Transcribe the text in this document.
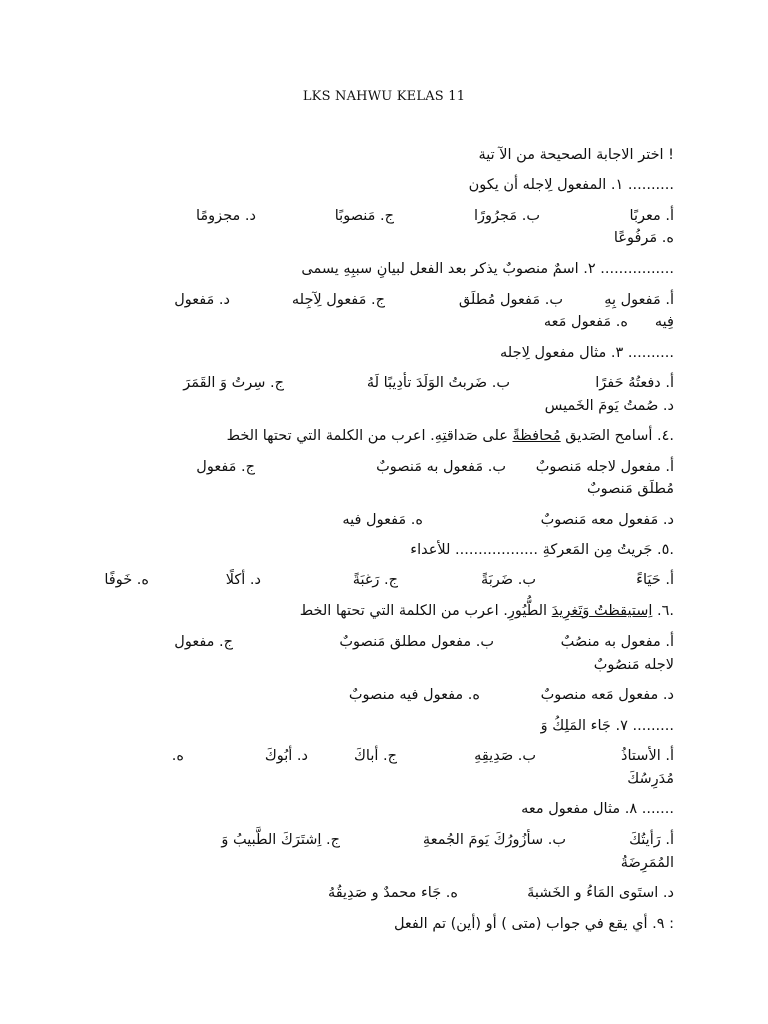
LKS NAHWU KELAS 11
! اختر الاجابة الصحيحة من الآ تية
.......... ۱. المفعول لِاجله أن يكون
أ. معربًا
ب. مَجرُورًا
ج. مَنصوبًا
د. مجزومًا
ه. مَرفُوعًا
................ ۲. اسمٌ منصوبٌ يذكر بعد الفعل لبيانِ سببِهِ يسمى
أ. مَفعول بِهِ
ب. مَفعول مُطلَق
ج. مَفعول لِآجِله
د. مَفعول
فِيه
ه. مَفعول مَعه
.......... ۳. مثال مفعول لِاجله
أ. دفعتُهُ حَفرًا
ب. ضَربتُ الوَلَدَ تأدِيبًا لَهُ
ج. سِرتُ وَ القَمَرَ
د. صُمتُ يَومَ الخَميس
.٤. أسامح الصَديق مُحافظةً على صَداقتِهِ. اعرب من الكلمة التي تحتها الخط
أ. مفعول لاجله مَنصوبٌ
ب. مَفعول به مَنصوبٌ
ج. مَفعول
مُطلَق مَنصوبٌ
د. مَفعول معه مَنصوبٌ
ه. مَفعول فيه
.٥. جَريتُ مِن المَعركةِ .................. للأعداء
أ. حَيَاءً
ب. ضَربَةً
ج. رَغبَةً
د. أكلًا
ه. خَوفًا
.٦. اِستيقظتُ وَتَغرِيدَ الطُّيُورِ. اعرب من الكلمة التي تحتها الخط
أ. مفعول به منصُبٌ
ب. مفعول مطلق مَنصوبٌ
ج. مفعول
لاجله مَنصُوبٌ
د. مفعول مَعه منصوبٌ
ه. مفعول فيه منصوبٌ
......... ۷. جَاء المَلِكُ وَ
أ. الأستاذُ
ب. صَدِيقِهِ
ج. أباكَ
د. أبُوكَ
ه.
مُدَرِسُكَ
....... ۸. مثال مفعول معه
أ. رَأيتُكَ
ب. سأزُورُكَ يَومَ الجُمعةِ
ج. اِشتَرَكَ الطَّبيبُ وَ
المُمَرِضَةُ
د. استَوى المَاءُ و الخَشبةَ
ه. جَاء محمدٌ و صَدِيقُهُ
: ۹. أي يقع في جواب (متى ) أو (أين) تم الفعل
